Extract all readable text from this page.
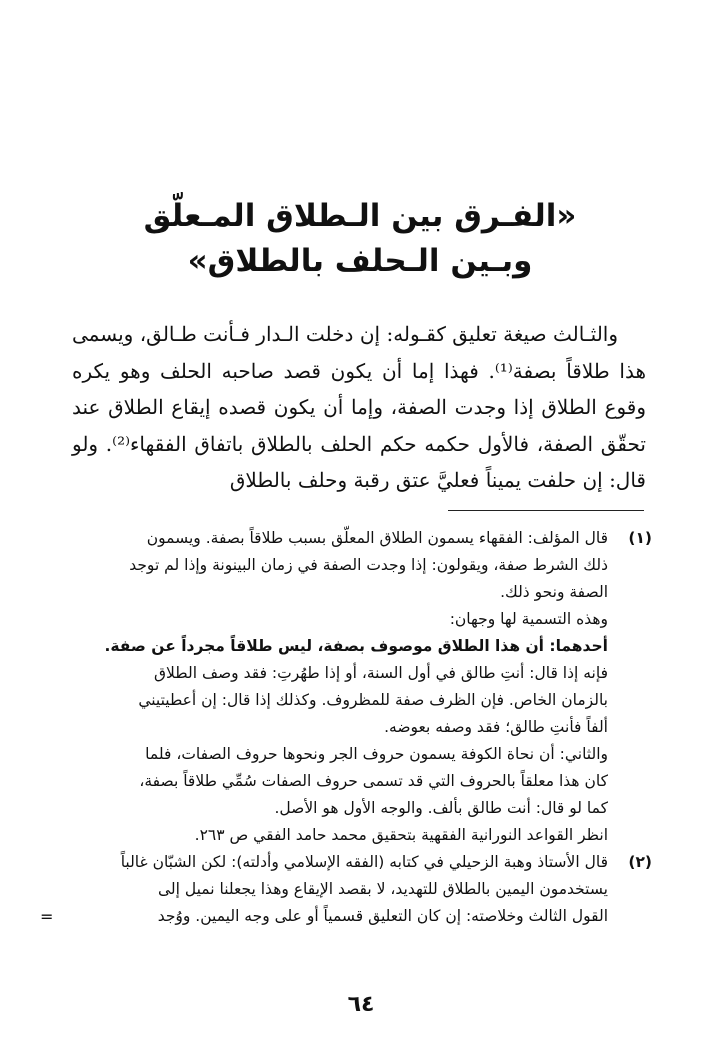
«الفـرق بين الـطلاق المـعلّق
وبـين الـحلف بالطلاق»

والثـالث صيغة تعليق كقـوله: إن دخلت الـدار فـأنت طـالق، ويسمى هذا طلاقاً بصفة⁽¹⁾. فهذا إما أن يكون قصد صاحبه الحلف وهو يكره وقوع الطلاق إذا وجدت الصفة، وإما أن يكون قصده إيقاع الطلاق عند تحقّق الصفة، فالأول حكمه حكم الحلف بالطلاق باتفاق الفقهاء⁽²⁾. ولو قال: إن حلفت يميناً فعليَّ عتق رقبة وحلف بالطلاق

(١)
قال المؤلف: الفقهاء يسمون الطلاق المعلّق بسبب طلاقاً بصفة. ويسمون
ذلك الشرط صفة، ويقولون: إذا وجدت الصفة في زمان البينونة وإذا لم توجد
الصفة ونحو ذلك.
وهذه التسمية لها وجهان:
أحدهما: أن هذا الطلاق موصوف بصفة، ليس طلاقاً مجرداً عن صفة.
فإنه إذا قال: أنتِ طالق في أول السنة، أو إذا طهُرتِ: فقد وصف الطلاق
بالزمان الخاص. فإن الظرف صفة للمظروف. وكذلك إذا قال: إن أعطيتيني
ألفاً فأنتِ طالق؛ فقد وصفه بعوضه.
والثاني: أن نحاة الكوفة يسمون حروف الجر ونحوها حروف الصفات، فلما
كان هذا معلقاً بالحروف التي قد تسمى حروف الصفات سُمِّي طلاقاً بصفة،
كما لو قال: أنت طالق بألف. والوجه الأول هو الأصل.
انظر القواعد النورانية الفقهية بتحقيق محمد حامد الفقي ص ٢٦٣.
(٢)
قال الأستاذ وهبة الزحيلي في كتابه (الفقه الإسلامي وأدلته): لكن الشبّان غالباً
يستخدمون اليمين بالطلاق للتهديد، لا بقصد الإيقاع وهذا يجعلنا نميل إلى
القول الثالث وخلاصته: إن كان التعليق قسمياً أو على وجه اليمين. ووُجد
=
٦٤
